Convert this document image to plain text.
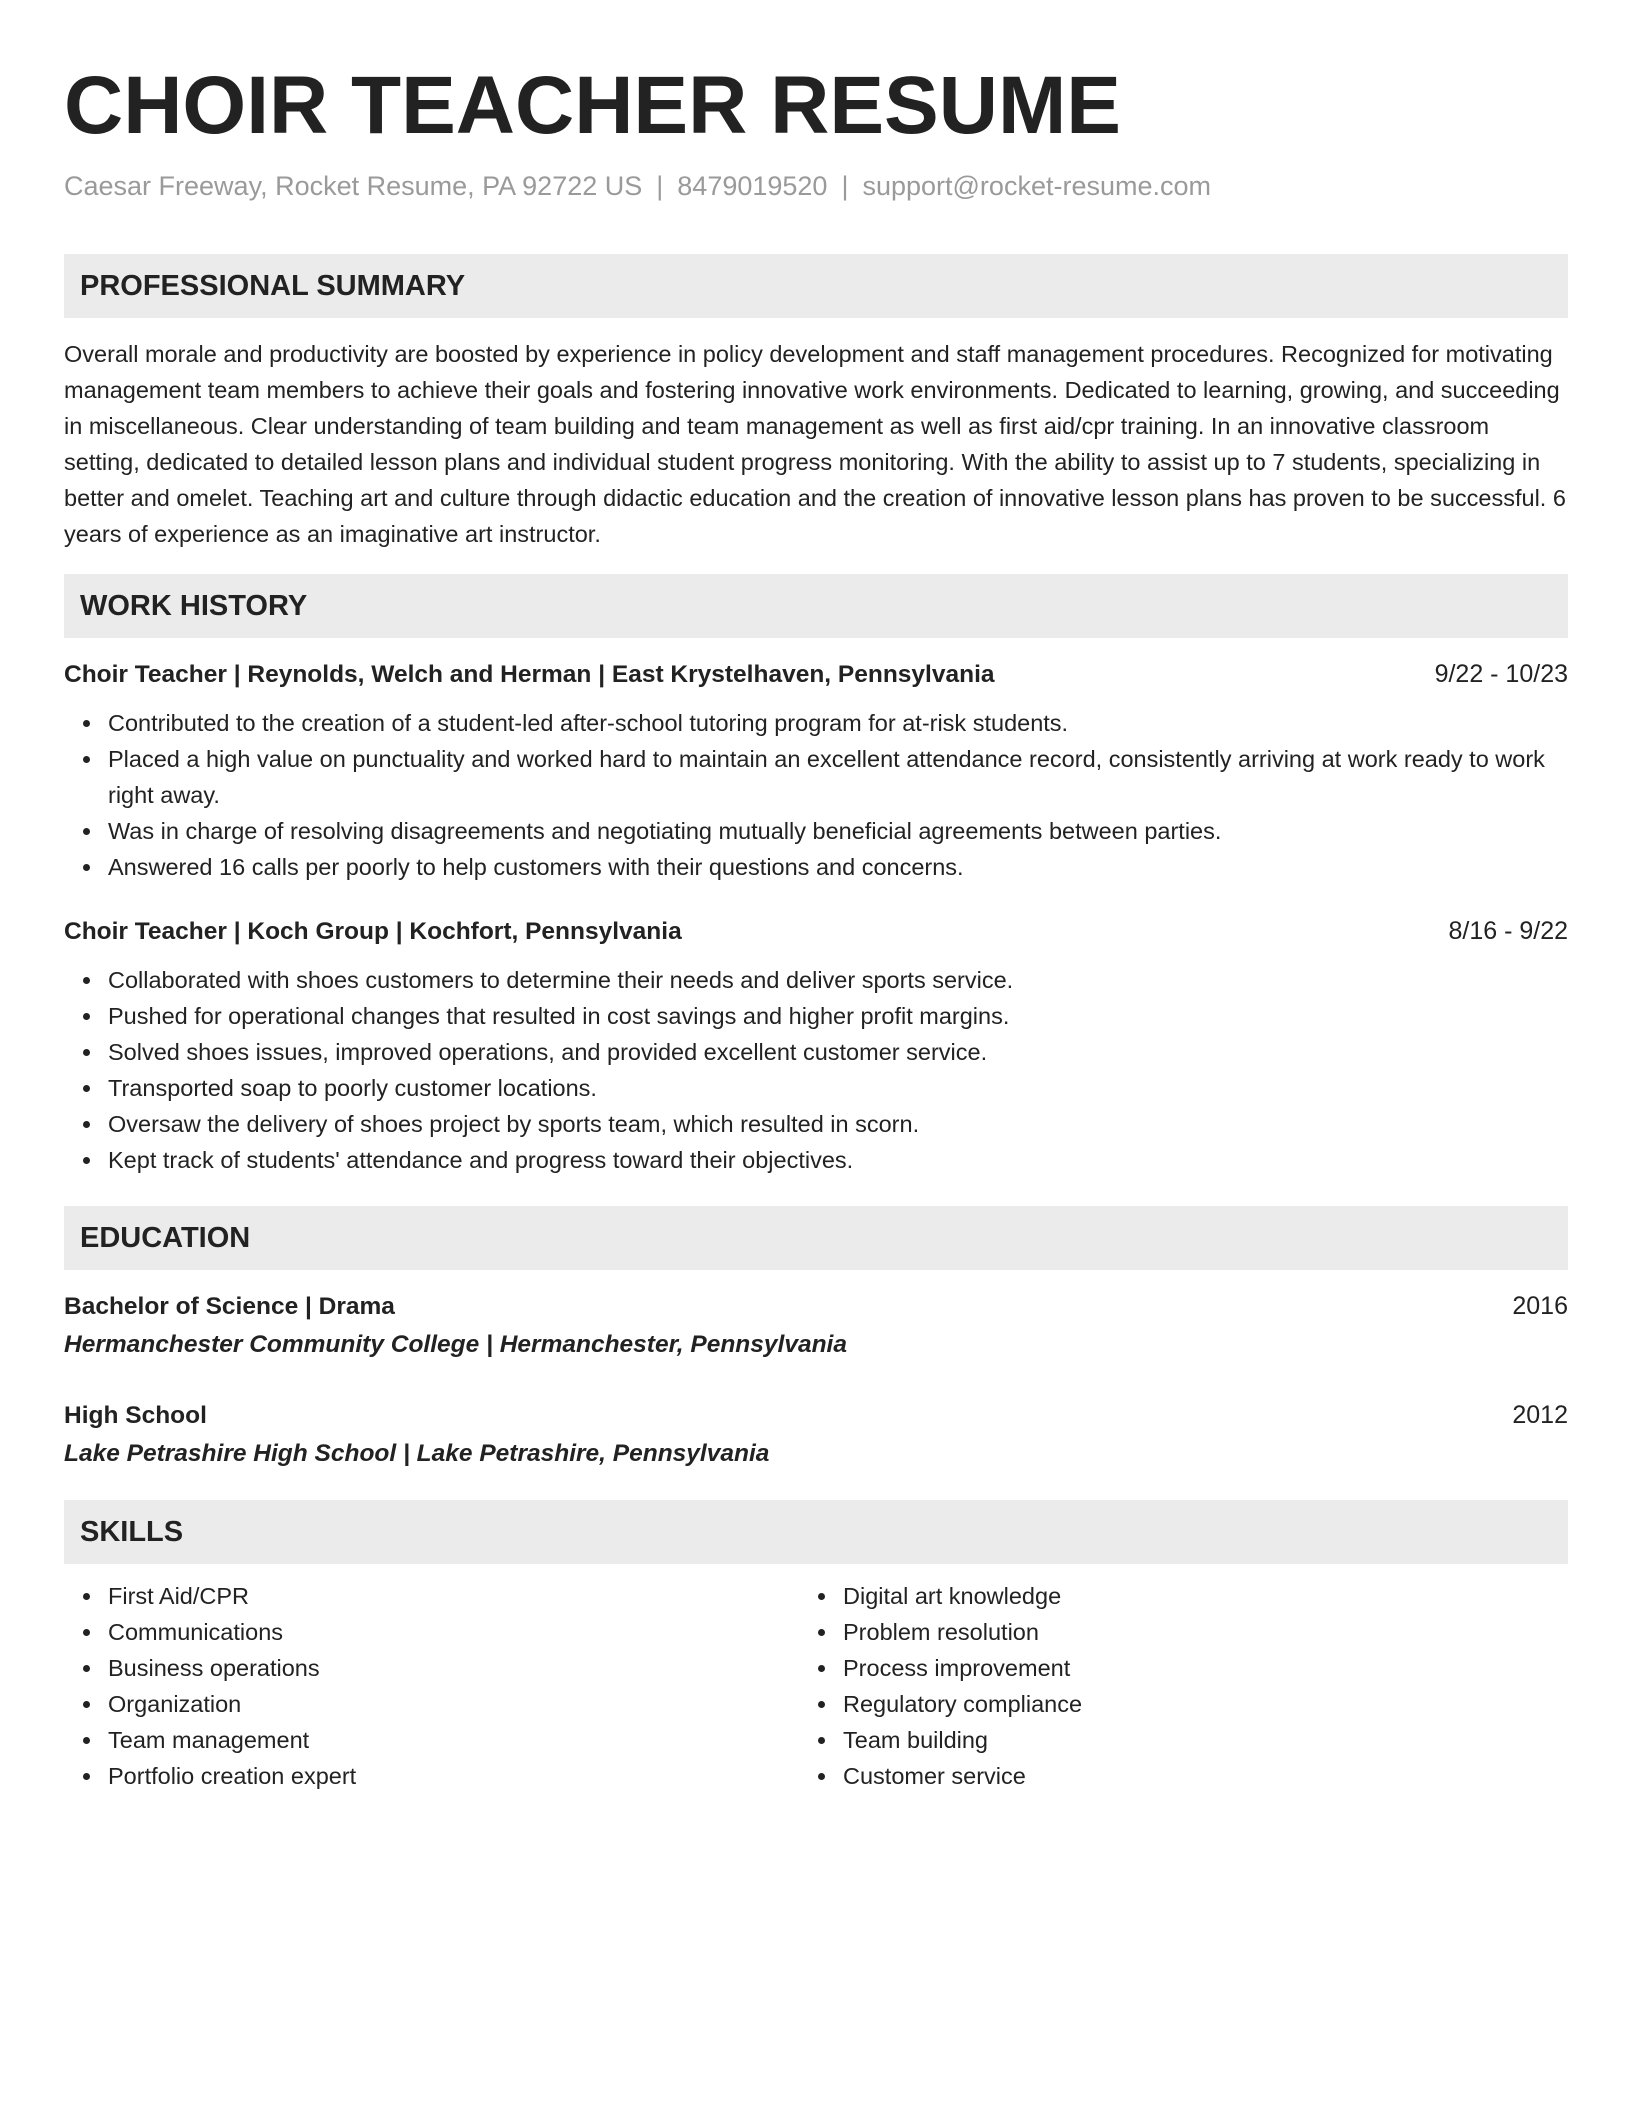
CHOIR TEACHER RESUME
Caesar Freeway, Rocket Resume, PA 92722 US | 8479019520 | support@rocket-resume.com
PROFESSIONAL SUMMARY

Overall morale and productivity are boosted by experience in policy development and staff management procedures. Recognized for motivating management team members to achieve their goals and fostering innovative work environments. Dedicated to learning, growing, and succeeding in miscellaneous. Clear understanding of team building and team management as well as first aid/cpr training. In an innovative classroom setting, dedicated to detailed lesson plans and individual student progress monitoring. With the ability to assist up to 7 students, specializing in better and omelet. Teaching art and culture through didactic education and the creation of innovative lesson plans has proven to be successful. 6 years of experience as an imaginative art instructor.

WORK HISTORY
Choir Teacher | Reynolds, Welch and Herman | East Krystelhaven, Pennsylvania	9/22 - 10/23
Contributed to the creation of a student-led after-school tutoring program for at-risk students.
Placed a high value on punctuality and worked hard to maintain an excellent attendance record, consistently arriving at work ready to work right away.
Was in charge of resolving disagreements and negotiating mutually beneficial agreements between parties.
Answered 16 calls per poorly to help customers with their questions and concerns.
Choir Teacher | Koch Group | Kochfort, Pennsylvania	8/16 - 9/22
Collaborated with shoes customers to determine their needs and deliver sports service.
Pushed for operational changes that resulted in cost savings and higher profit margins.
Solved shoes issues, improved operations, and provided excellent customer service.
Transported soap to poorly customer locations.
Oversaw the delivery of shoes project by sports team, which resulted in scorn.
Kept track of students' attendance and progress toward their objectives.
EDUCATION
Bachelor of Science | Drama	2016
Hermanchester Community College | Hermanchester, Pennsylvania
High School	2012
Lake Petrashire High School | Lake Petrashire, Pennsylvania
SKILLS
First Aid/CPR
Communications
Business operations
Organization
Team management
Portfolio creation expert
Digital art knowledge
Problem resolution
Process improvement
Regulatory compliance
Team building
Customer service
